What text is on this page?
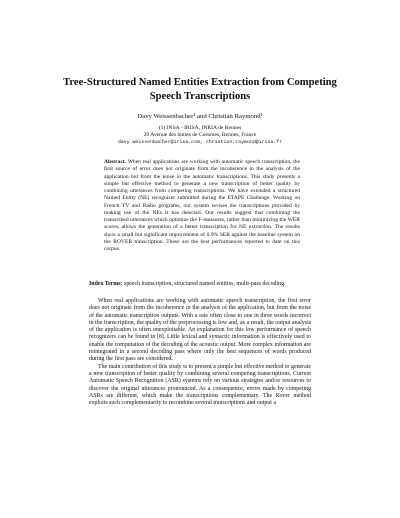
Tree-Structured Named Entities Extraction from Competing Speech Transcriptions
Davy Weissenbacher¹ and Christian Raymond¹
(1) INSA - IRISA, INRIA de Rennes
20 Avenue des buttes de Coesmes, Rennes, France
davy.weissenbacher@irisa.com, christian.raymond@irisa.fr
Abstract. When real applications are working with automatic speech transcription, the first source of error does not originate from the incoherence in the analysis of the application but from the noise in the automatic transcriptions. This study presents a simple but effective method to generate a new transcription of better quality by combining utterances from competing transcriptions. We have extended a structured Named Entity (NE) recognizer submitted during the ETAPE Challenge. Working on French TV and Radio programs, our system revises the transcriptions provided by making use of the NEs it has detected. Our results suggest that combining the transcribed utterances which optimize the F-measures, rather than minimizing the WER scores, allows the generation of a better transcription for NE extraction. The results show a small but significant improvement of 0.9% SER against the baseline system on the ROVER transcription. These are the best performances reported to date on this corpus.
Index Terms: speech transcription, structured named entities, multi-pass decoding.

When real applications are working with automatic speech transcription, the first error does not originate from the incoherence in the analysis of the application, but from the noise of the automatic transcription outputs. With a rate often close to one in three words incorrect in the transcription, the quality of the preprocessing is low and, as a result, the output analysis of the application is often unexploitable. An explanation for this low performance of speech recognizers can be found in [8]. Little lexical and syntactic information is effectively used to enable the computation of the decoding of the acoustic output. More complex information are reintegrated in a second decoding pass where only the best sequences of words produced during the first pass are considered.

The main contribution of this study is to present a simple but effective method to generate a new transcription of better quality by combining several competing transcriptions. Current Automatic Speech Recognition (ASR) systems rely on various strategies and/or resources to discover the original utterances pronounced. As a consequence, errors made by competing ASRs are different, which make the transcriptions complementary. The Rover method exploits such complementarity to recombine several transcriptions and output a
